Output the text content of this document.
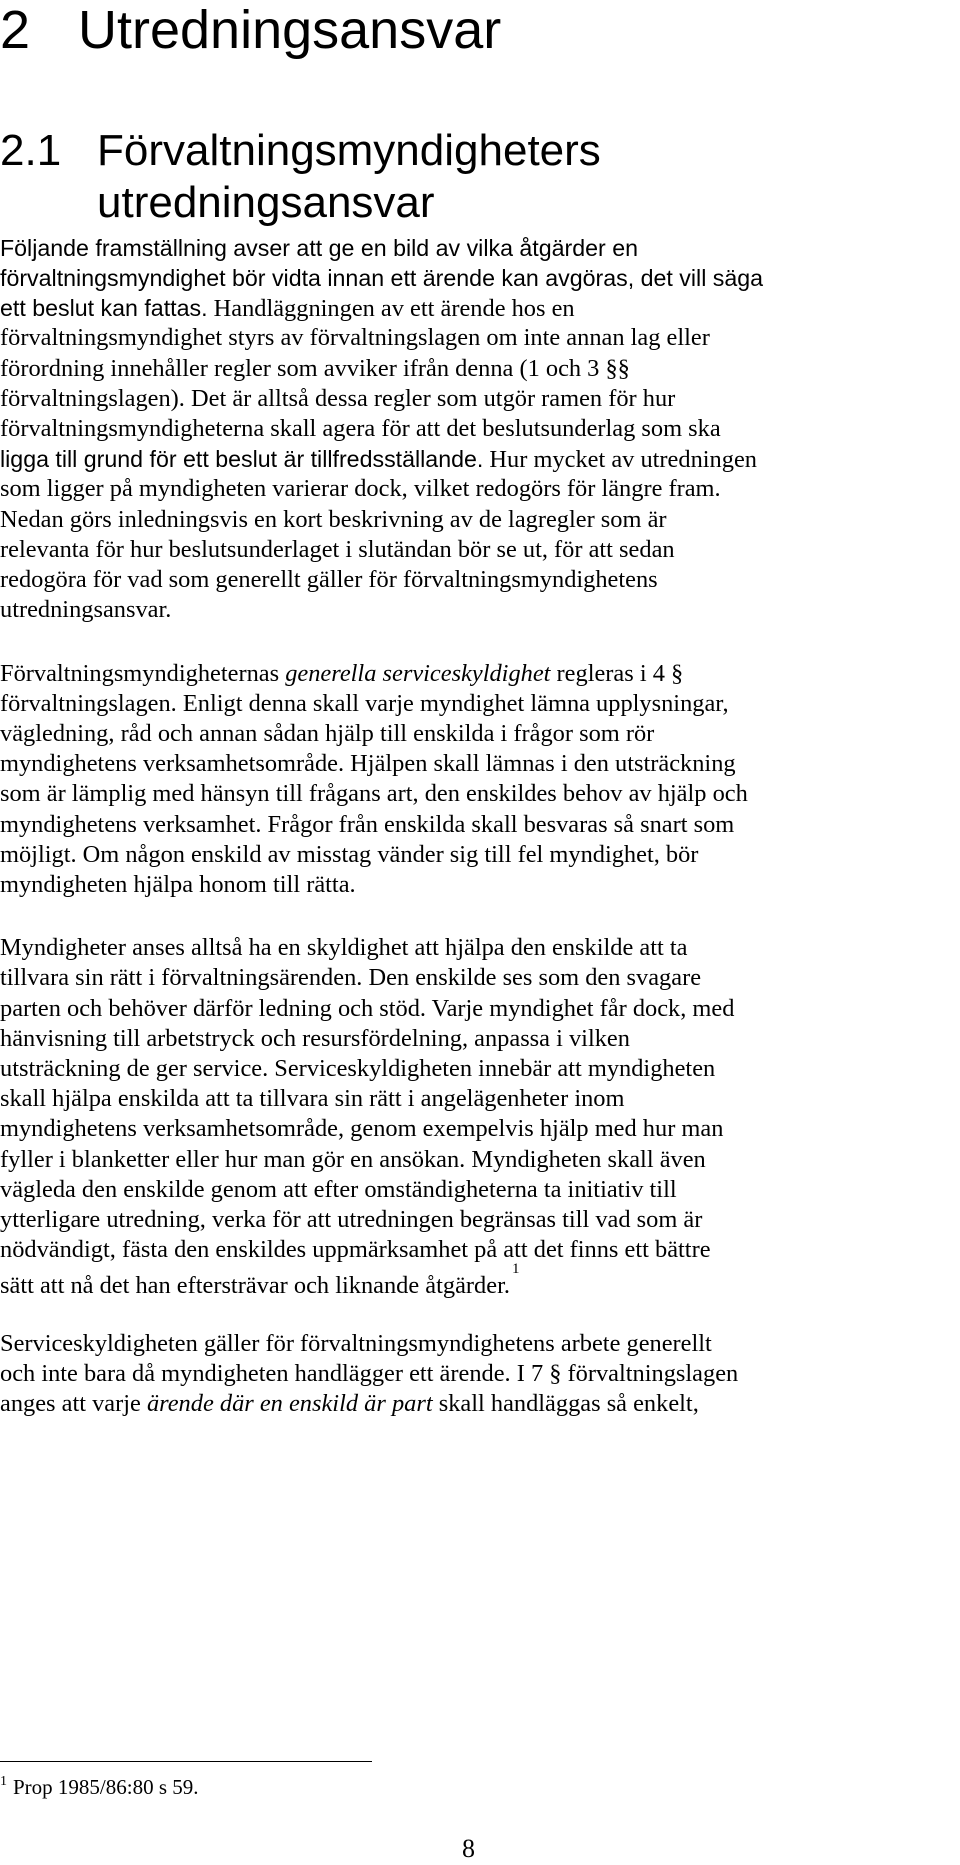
2 Utredningsansvar
2.1 Förvaltningsmyndigheters utredningsansvar

Följande framställning avser att ge en bild av vilka åtgärder en

förvaltningsmyndighet bör vidta innan ett ärende kan avgöras, det vill säga

ett beslut kan fattas. Handläggningen av ett ärende hos en

förvaltningsmyndighet styrs av förvaltningslagen om inte annan lag eller

förordning innehåller regler som avviker ifrån denna (1 och 3 §§

förvaltningslagen). Det är alltså dessa regler som utgör ramen för hur

förvaltningsmyndigheterna skall agera för att det beslutsunderlag som ska

ligga till grund för ett beslut är tillfredsställande. Hur mycket av utredningen

som ligger på myndigheten varierar dock, vilket redogörs för längre fram.

Nedan görs inledningsvis en kort beskrivning av de lagregler som är

relevanta för hur beslutsunderlaget i slutändan bör se ut, för att sedan

redogöra för vad som generellt gäller för förvaltningsmyndighetens

utredningsansvar.

Förvaltningsmyndigheternas generella serviceskyldighet regleras i 4 §

förvaltningslagen. Enligt denna skall varje myndighet lämna upplysningar,

vägledning, råd och annan sådan hjälp till enskilda i frågor som rör

myndighetens verksamhetsområde. Hjälpen skall lämnas i den utsträckning

som är lämplig med hänsyn till frågans art, den enskildes behov av hjälp och

myndighetens verksamhet. Frågor från enskilda skall besvaras så snart som

möjligt. Om någon enskild av misstag vänder sig till fel myndighet, bör

myndigheten hjälpa honom till rätta.

Myndigheter anses alltså ha en skyldighet att hjälpa den enskilde att ta

tillvara sin rätt i förvaltningsärenden. Den enskilde ses som den svagare

parten och behöver därför ledning och stöd. Varje myndighet får dock, med

hänvisning till arbetstryck och resursfördelning, anpassa i vilken

utsträckning de ger service. Serviceskyldigheten innebär att myndigheten

skall hjälpa enskilda att ta tillvara sin rätt i angelägenheter inom

myndighetens verksamhetsområde, genom exempelvis hjälp med hur man

fyller i blanketter eller hur man gör en ansökan. Myndigheten skall även

vägleda den enskilde genom att efter omständigheterna ta initiativ till

ytterligare utredning, verka för att utredningen begränsas till vad som är

nödvändigt, fästa den enskildes uppmärksamhet på att det finns ett bättre

sätt att nå det han eftersträvar och liknande åtgärder.$^1$

Serviceskyldigheten gäller för förvaltningsmyndighetens arbete generellt

och inte bara då myndigheten handlägger ett ärende. I 7 § förvaltningslagen

anges att varje ärende där en enskild är part skall handläggas så enkelt,

$^1$ Prop 1985/86:80 s 59.

8
